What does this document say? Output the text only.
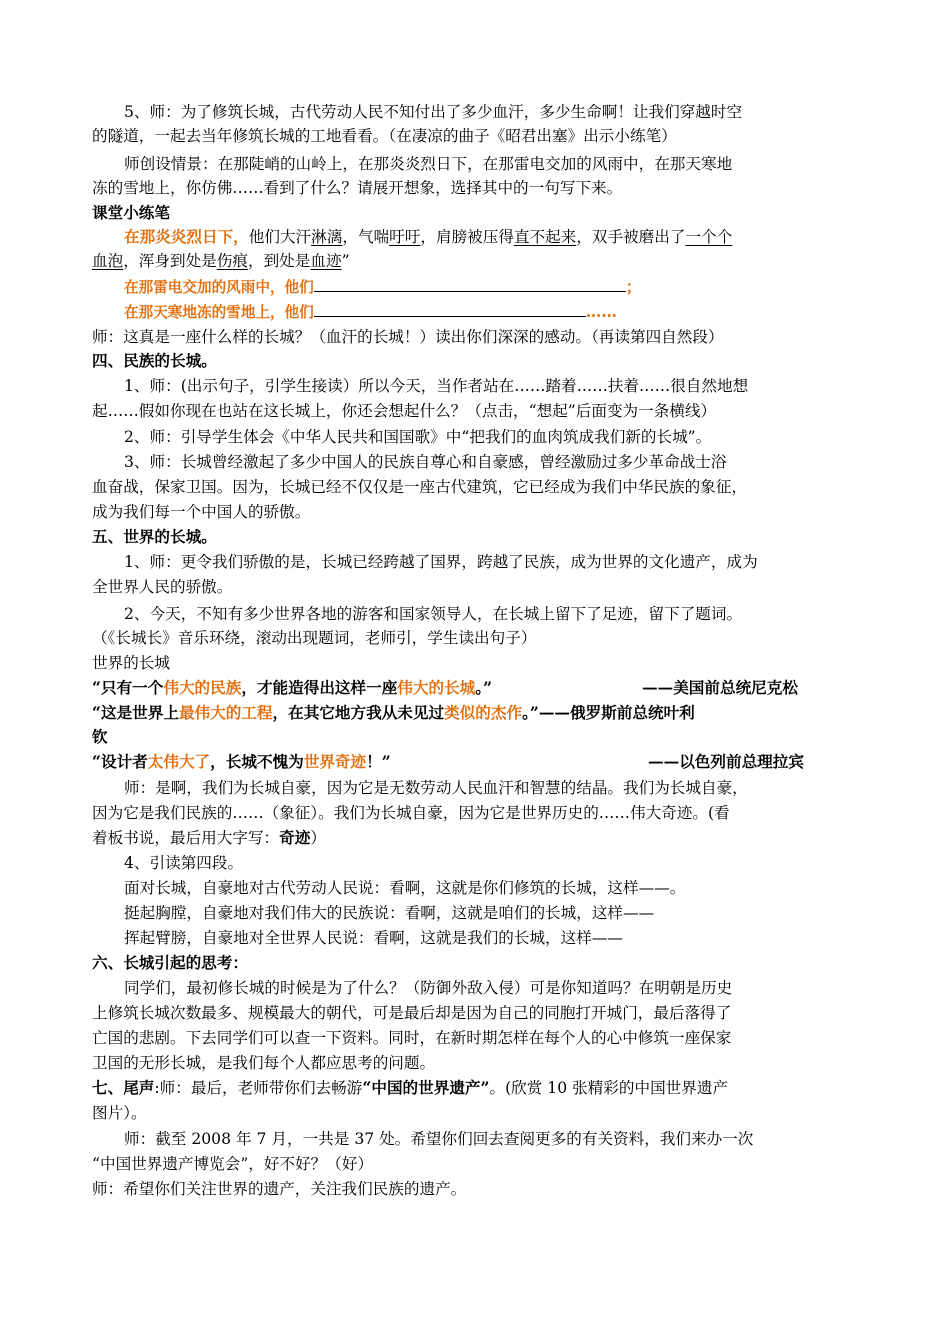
5、师：为了修筑长城，古代劳动人民不知付出了多少血汗，多少生命啊！让我们穿越时空
的隧道，一起去当年修筑长城的工地看看。（在凄凉的曲子《昭君出塞》出示小练笔）
师创设情景：在那陡峭的山岭上，在那炎炎烈日下，在那雷电交加的风雨中，在那天寒地
冻的雪地上，你仿佛……看到了什么？请展开想象，选择其中的一句写下来。
课堂小练笔
在那炎炎烈日下，他们大汗淋漓，气喘吁吁，肩膀被压得直不起来，双手被磨出了一个个
血泡，浑身到处是伤痕，到处是血迹”
在那雷电交加的风雨中，他们	；
在那天寒地冻的雪地上，他们	……
师：这真是一座什么样的长城？（血汗的长城！）读出你们深深的感动。（再读第四自然段）
四、民族的长城。
1、师：(出示句子，引学生接读）所以今天，当作者站在……踏着……扶着……很自然地想
起……假如你现在也站在这长城上，你还会想起什么？（点击，“想起”后面变为一条横线）
2、师：引导学生体会《中华人民共和国国歌》中“把我们的血肉筑成我们新的长城”。
3、师：长城曾经激起了多少中国人的民族自尊心和自豪感，曾经激励过多少革命战士浴
血奋战，保家卫国。因为，长城已经不仅仅是一座古代建筑，它已经成为我们中华民族的象征，
成为我们每一个中国人的骄傲。
五、世界的长城。
1、师：更令我们骄傲的是，长城已经跨越了国界，跨越了民族，成为世界的文化遗产，成为
全世界人民的骄傲。
2、今天，不知有多少世界各地的游客和国家领导人，在长城上留下了足迹，留下了题词。
（《长城长》音乐环绕，滚动出现题词，老师引，学生读出句子）
世界的长城
“只有一个伟大的民族，才能造得出这样一座伟大的长城。”	——美国前总统尼克松
“这是世界上最伟大的工程，在其它地方我从未见过类似的杰作。”——俄罗斯前总统叶利
钦
“设计者太伟大了，长城不愧为世界奇迹！”	——以色列前总理拉宾
师：是啊，我们为长城自豪，因为它是无数劳动人民血汗和智慧的结晶。我们为长城自豪，
因为它是我们民族的……（象征）。我们为长城自豪，因为它是世界历史的……伟大奇迹。(看
着板书说，最后用大字写：奇迹）
4、引读第四段。
面对长城，自豪地对古代劳动人民说：看啊，这就是你们修筑的长城，这样——。
挺起胸膛，自豪地对我们伟大的民族说：看啊，这就是咱们的长城，这样——
挥起臂膀，自豪地对全世界人民说：看啊，这就是我们的长城，这样——
六、长城引起的思考：
同学们，最初修长城的时候是为了什么？（防御外敌入侵）可是你知道吗？在明朝是历史
上修筑长城次数最多、规模最大的朝代，可是最后却是因为自己的同胞打开城门，最后落得了
亡国的悲剧。下去同学们可以查一下资料。同时，在新时期怎样在每个人的心中修筑一座保家
卫国的无形长城，是我们每个人都应思考的问题。
七、尾声:师：最后，老师带你们去畅游“中国的世界遗产”。(欣赏 10 张精彩的中国世界遗产
图片）。
师：截至 2008 年 7 月，一共是 37 处。希望你们回去查阅更多的有关资料，我们来办一次
“中国世界遗产博览会”，好不好？（好）
师：希望你们关注世界的遗产，关注我们民族的遗产。
